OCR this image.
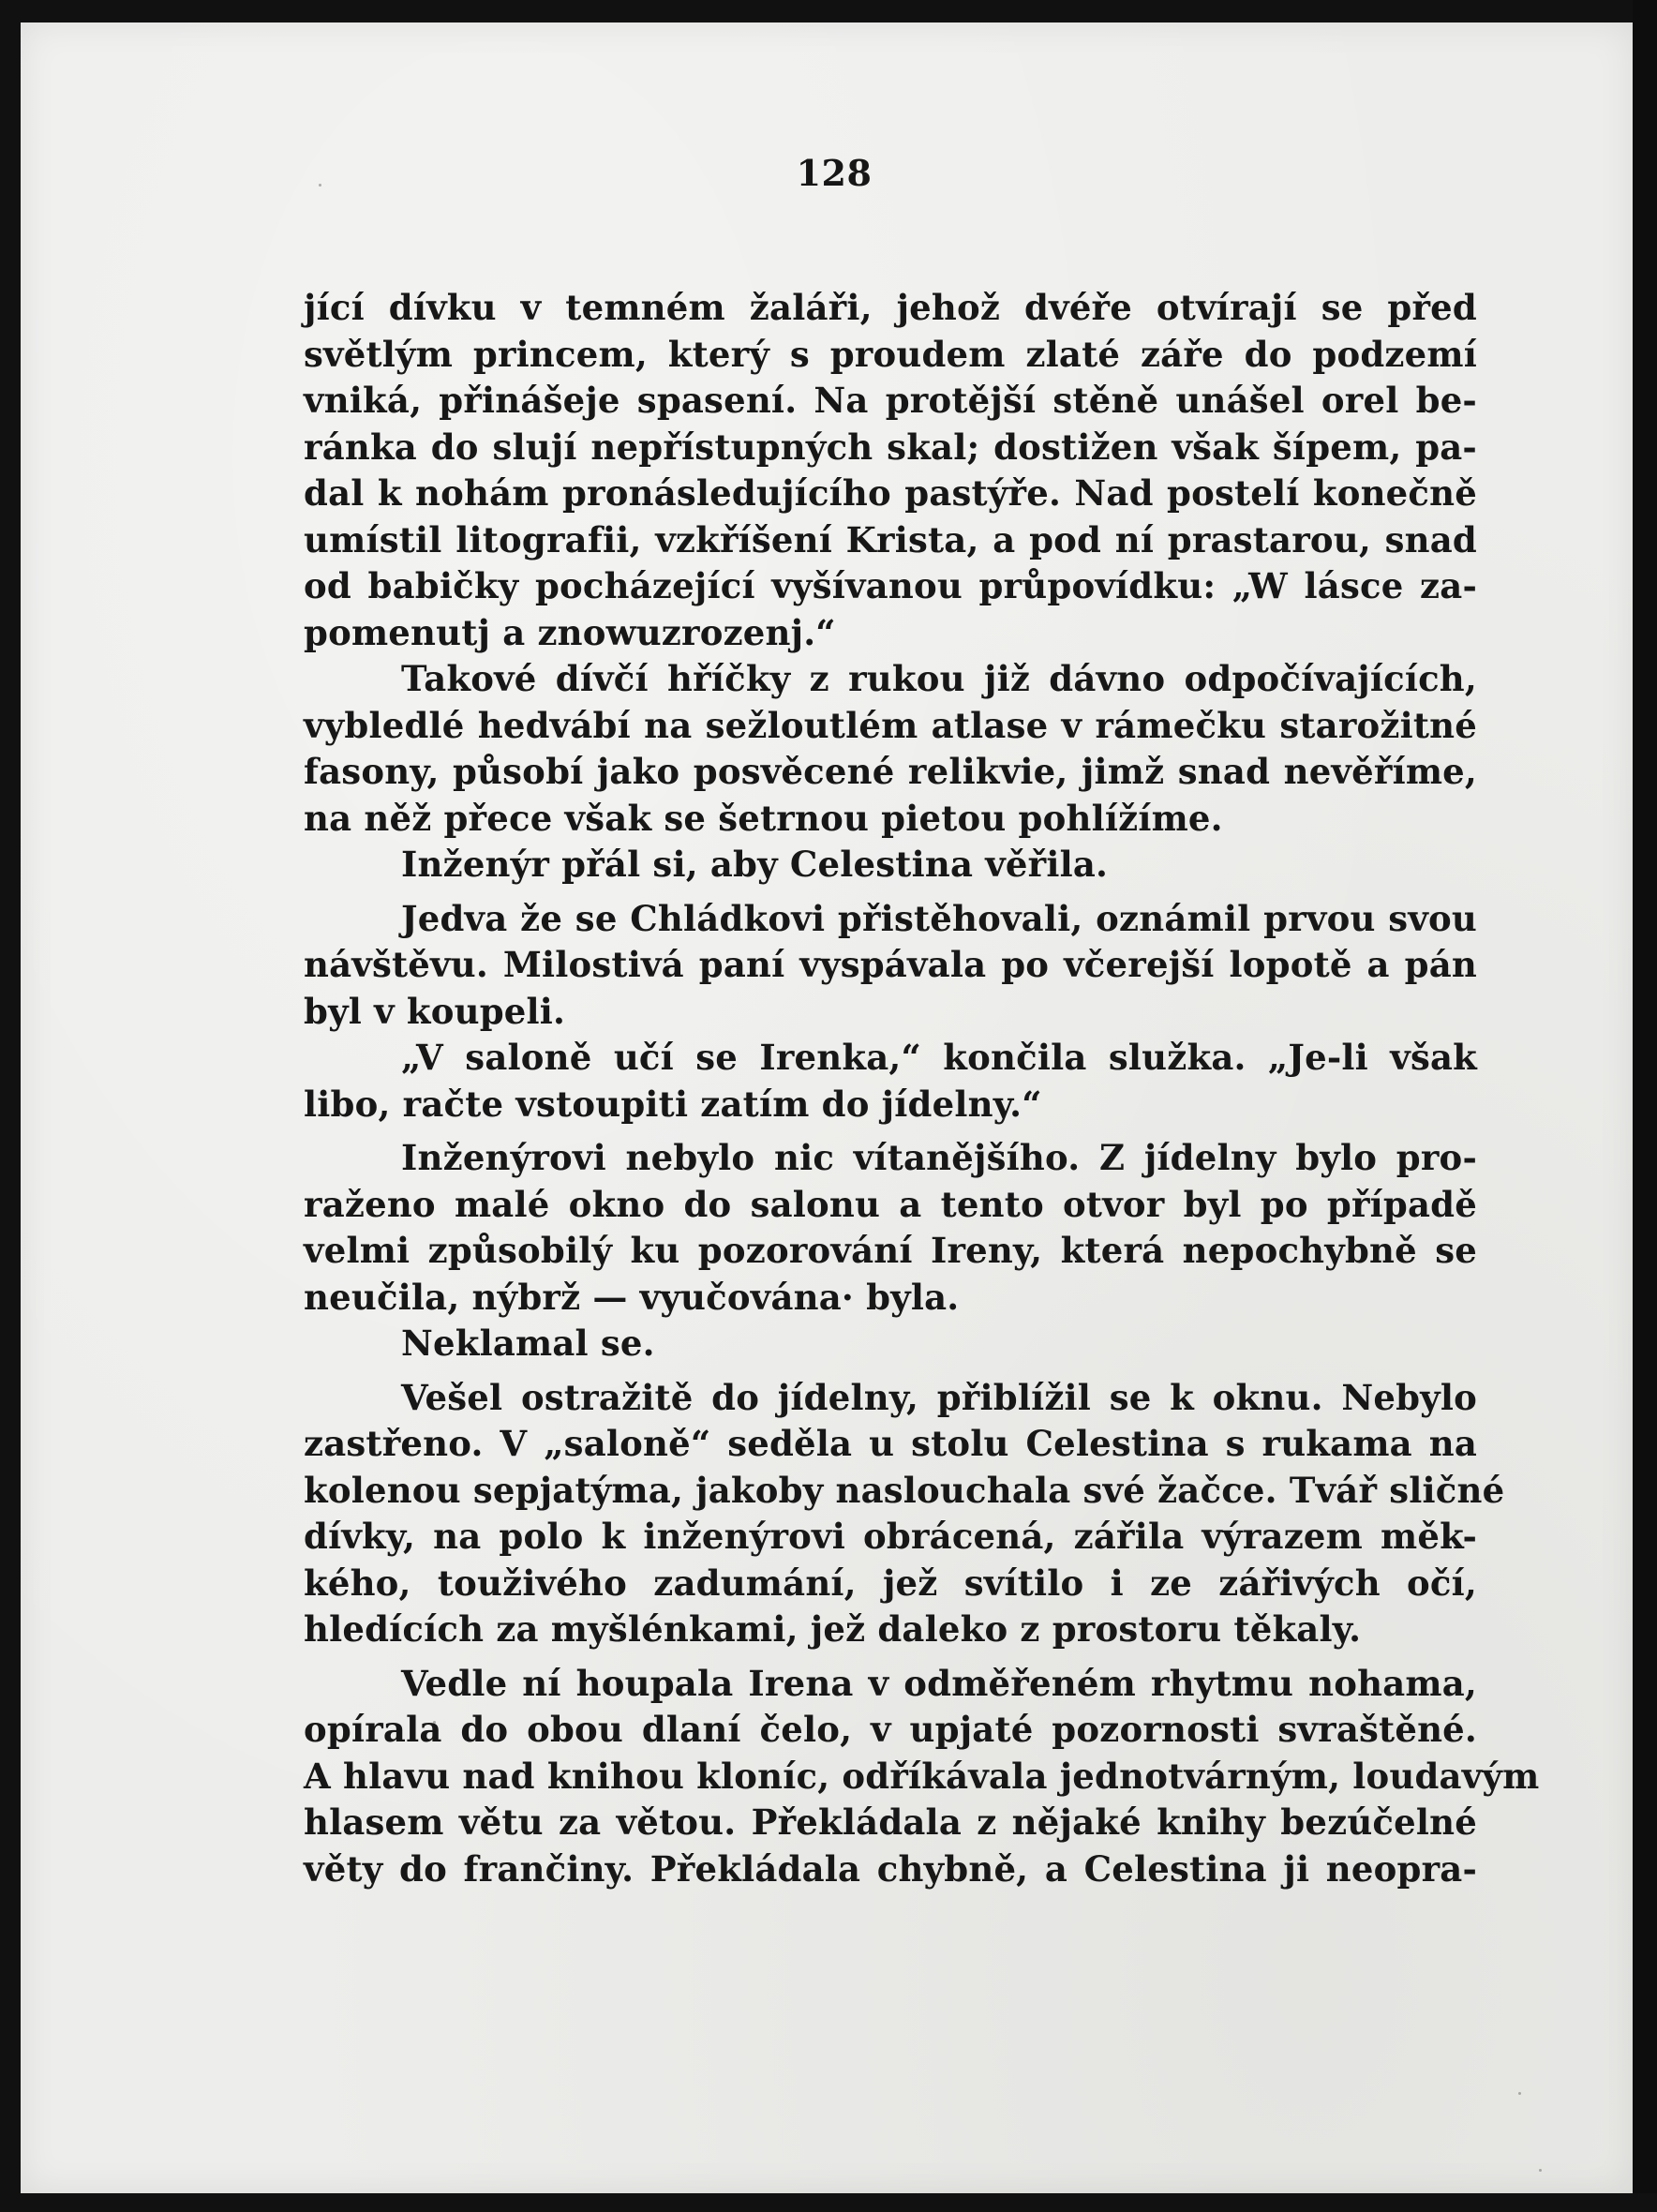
128
jící dívku v temném žaláři, jehož dvéře otvírají se před
světlým princem, který s proudem zlaté záře do podzemí
vniká, přinášeje spasení. Na protější stěně unášel orel be-
ránka do slují nepřístupných skal; dostižen však šípem, pa-
dal k nohám pronásledujícího pastýře. Nad postelí konečně
umístil litografii, vzkříšení Krista, a pod ní prastarou, snad
od babičky pocházející vyšívanou průpovídku: „W lásce za-
pomenutj a znowuzrozenj.“
Takové dívčí hříčky z rukou již dávno odpočívajících,
vybledlé hedvábí na sežloutlém atlase v rámečku starožitné
fasony, působí jako posvěcené relikvie, jimž snad nevěříme,
na něž přece však se šetrnou pietou pohlížíme.
Inženýr přál si, aby Celestina věřila.
Jedva že se Chládkovi přistěhovali, oznámil prvou svou
návštěvu. Milostivá paní vyspávala po včerejší lopotě a pán
byl v koupeli.
„V saloně učí se Irenka,“ končila služka. „Je-li však
libo, račte vstoupiti zatím do jídelny.“
Inženýrovi nebylo nic vítanějšího. Z jídelny bylo pro-
raženo malé okno do salonu a tento otvor byl po případě
velmi způsobilý ku pozorování Ireny, která nepochybně se
neučila, nýbrž — vyučována· byla.
Neklamal se.
Vešel ostražitě do jídelny, přiblížil se k oknu. Nebylo
zastřeno. V „saloně“ seděla u stolu Celestina s rukama na
kolenou sepjatýma, jakoby naslouchala své žačce. Tvář sličné
dívky, na polo k inženýrovi obrácená, zářila výrazem měk-
kého, touživého zadumání, jež svítilo i ze zářivých očí,
hledících za myšlénkami, jež daleko z prostoru těkaly.
Vedle ní houpala Irena v odměřeném rhytmu nohama,
opírala do obou dlaní čelo, v upjaté pozornosti svraštěné.
A hlavu nad knihou kloníc, odříkávala jednotvárným, loudavým
hlasem větu za větou. Překládala z nějaké knihy bezúčelné
věty do frančiny. Překládala chybně, a Celestina ji neopra-
